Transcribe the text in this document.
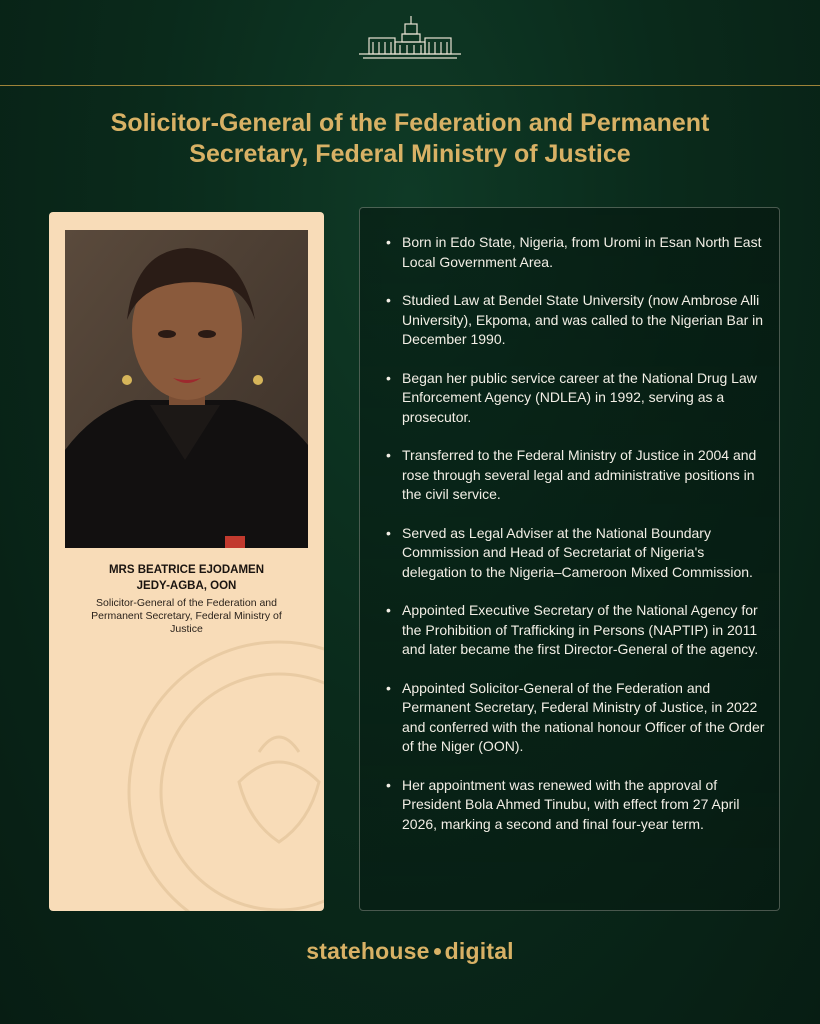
Solicitor-General of the Federation and Permanent
Secretary, Federal Ministry of Justice

MRS BEATRICE EJODAMEN
JEDY-AGBA, OON

Solicitor-General of the Federation and Permanent Secretary, Federal Ministry of Justice

• Born in Edo State, Nigeria, from Uromi in Esan North East Local Government Area.
• Studied Law at Bendel State University (now Ambrose Alli University), Ekpoma, and was called to the Nigerian Bar in December 1990.
• Began her public service career at the National Drug Law Enforcement Agency (NDLEA) in 1992, serving as a prosecutor.
• Transferred to the Federal Ministry of Justice in 2004 and rose through several legal and administrative positions in the civil service.
• Served as Legal Adviser at the National Boundary Commission and Head of Secretariat of Nigeria's delegation to the Nigeria–Cameroon Mixed Commission.
• Appointed Executive Secretary of the National Agency for the Prohibition of Trafficking in Persons (NAPTIP) in 2011 and later became the first Director-General of the agency.
• Appointed Solicitor-General of the Federation and Permanent Secretary, Federal Ministry of Justice, in 2022 and conferred with the national honour Officer of the Order of the Niger (OON).
• Her appointment was renewed with the approval of President Bola Ahmed Tinubu, with effect from 27 April 2026, marking a second and final four-year term.
statehouse digital
